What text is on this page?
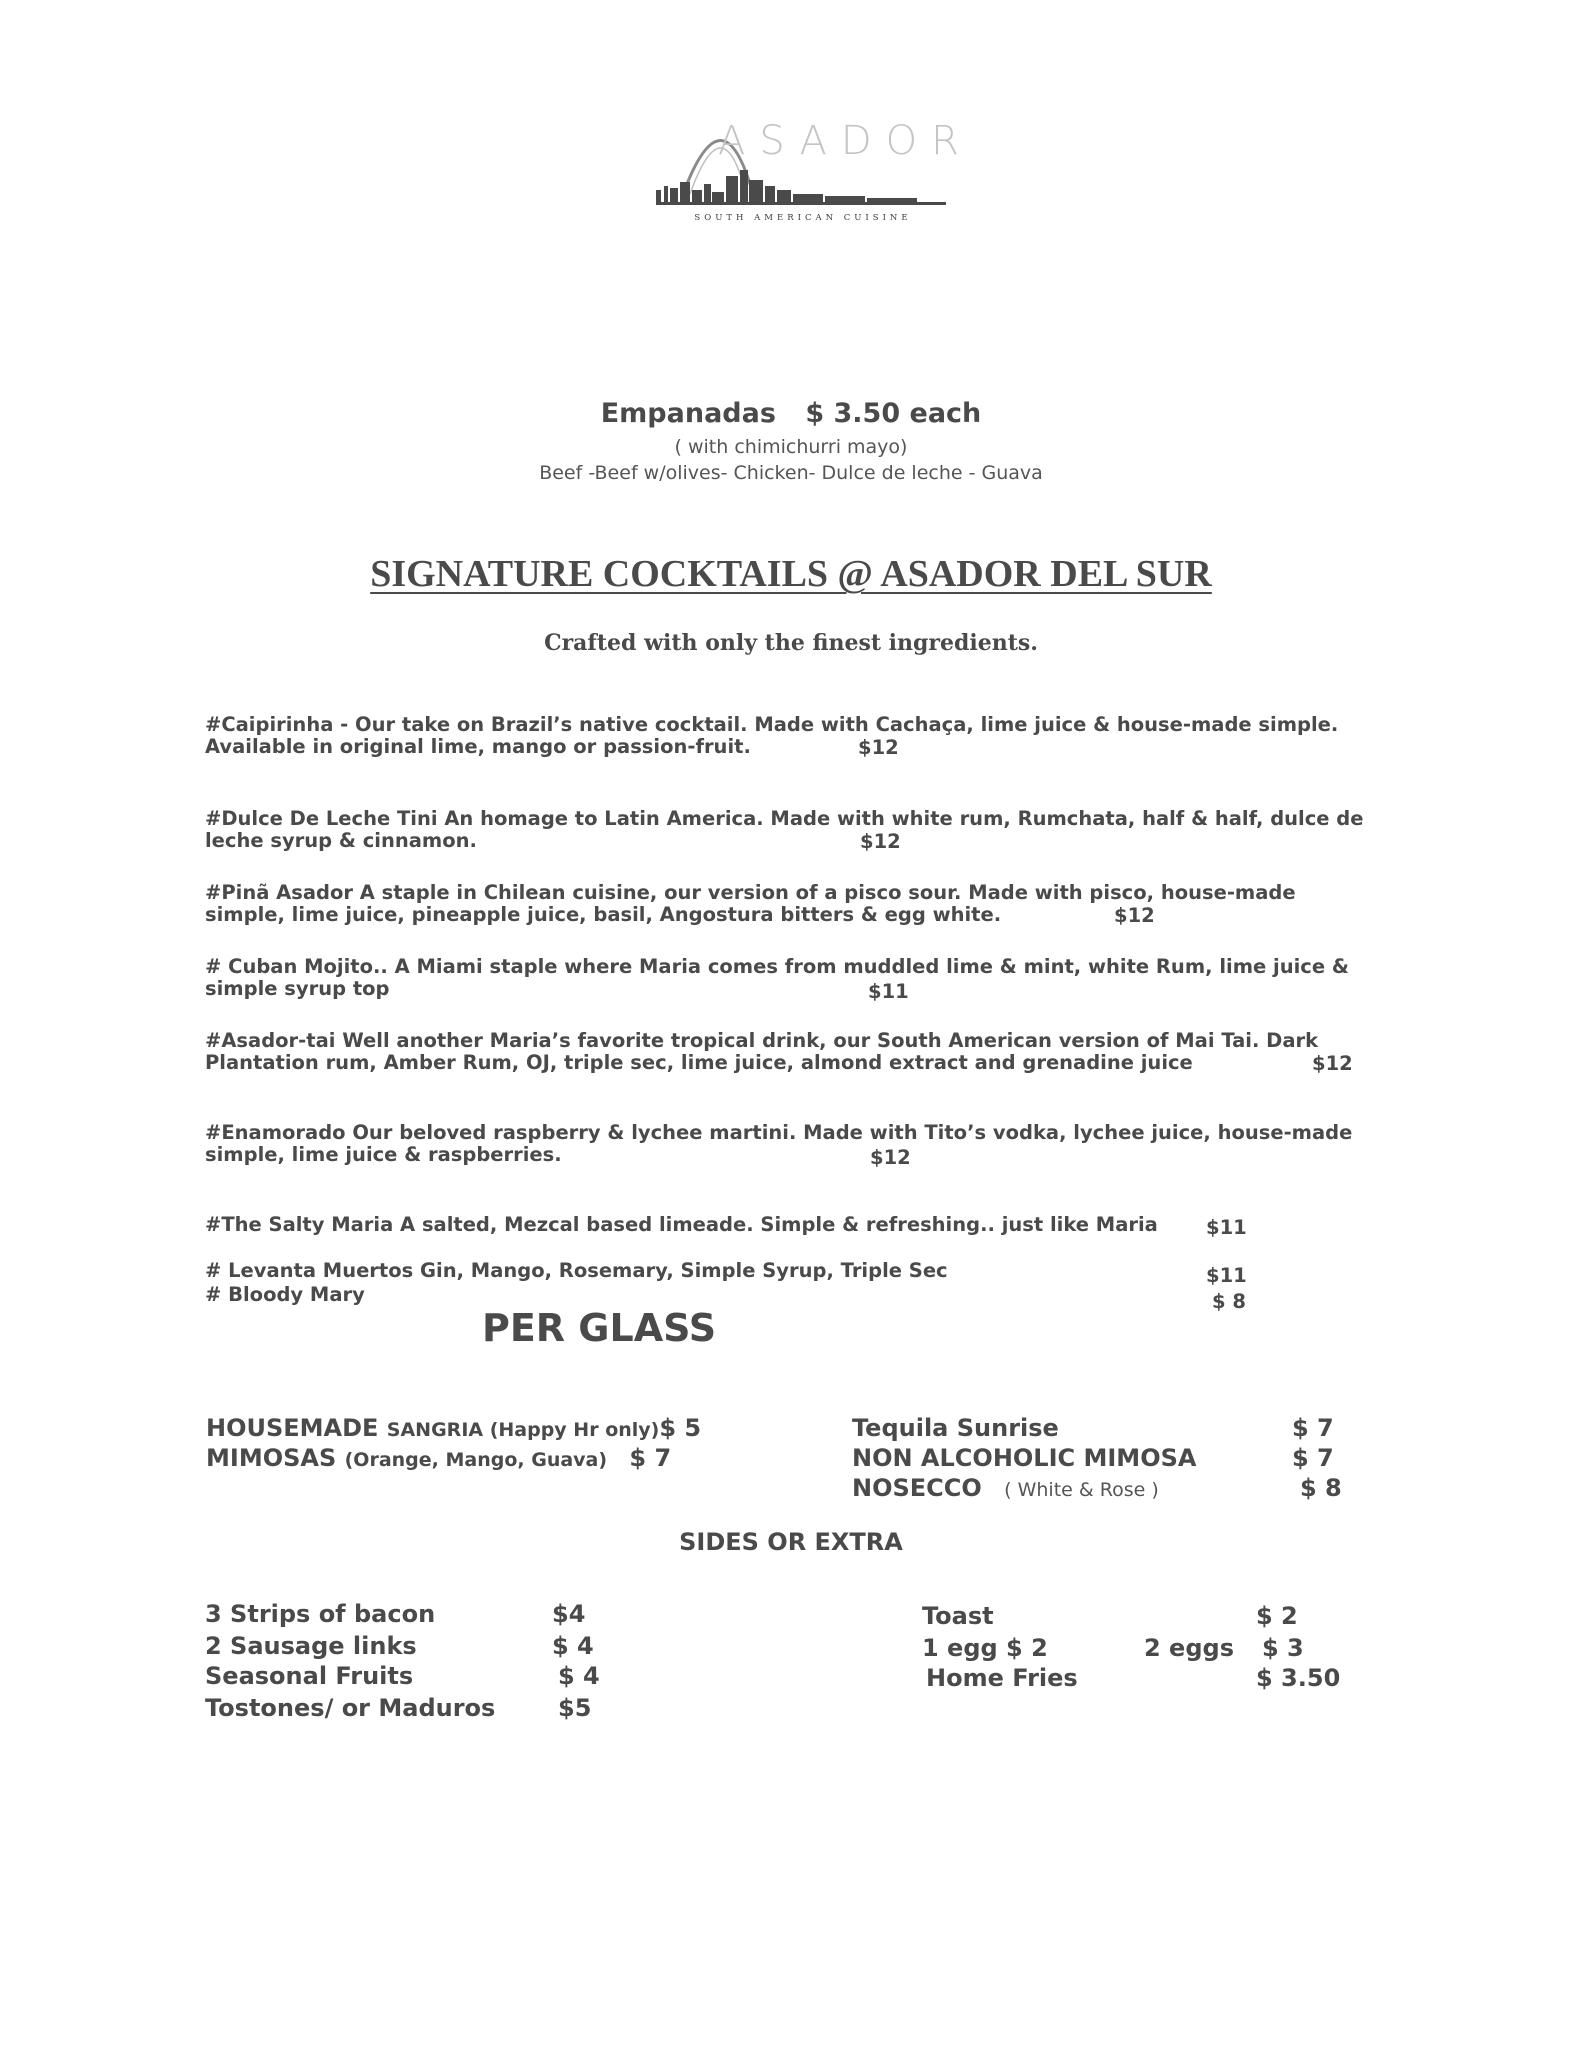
ASADOR
SOUTH AMERICAN CUISINE
Empanadas $ 3.50 each
( with chimichurri mayo)
Beef -Beef w/olives- Chicken- Dulce de leche - Guava
SIGNATURE COCKTAILS @ ASADOR DEL SUR
Crafted with only the finest ingredients.
#Caipirinha - Our take on Brazil’s native cocktail. Made with Cachaça, lime juice & house-made simple.
Available in original lime, mango or passion-fruit.	$12
#Dulce De Leche Tini An homage to Latin America. Made with white rum, Rumchata, half & half, dulce de
leche syrup & cinnamon.	$12
#Pinã Asador A staple in Chilean cuisine, our version of a pisco sour. Made with pisco, house-made
simple, lime juice, pineapple juice, basil, Angostura bitters & egg white.	$12
# Cuban Mojito.. A Miami staple where Maria comes from muddled lime & mint, white Rum, lime juice &
simple syrup top	$11
#Asador-tai Well another Maria’s favorite tropical drink, our South American version of Mai Tai. Dark
Plantation rum, Amber Rum, OJ, triple sec, lime juice, almond extract and grenadine juice	$12
#Enamorado Our beloved raspberry & lychee martini. Made with Tito’s vodka, lychee juice, house-made
simple, lime juice & raspberries.	$12
#The Salty Maria A salted, Mezcal based limeade. Simple & refreshing.. just like Maria $11
# Levanta Muertos Gin, Mango, Rosemary, Simple Syrup, Triple Sec	$11
# Bloody Mary	$ 8
PER GLASS
HOUSEMADE SANGRIA (Happy Hr only)$ 5
MIMOSAS (Orange, Mango, Guava) $ 7
Tequila Sunrise	$ 7
NON ALCOHOLIC MIMOSA	$ 7
NOSECCO ( White & Rose )	$ 8
SIDES OR EXTRA
3 Strips of bacon	$4
2 Sausage links	$ 4
Seasonal Fruits	$ 4
Tostones/ or Maduros	$5
Toast	$ 2
1 egg $ 2	2 eggs $ 3
Home Fries	$ 3.50
